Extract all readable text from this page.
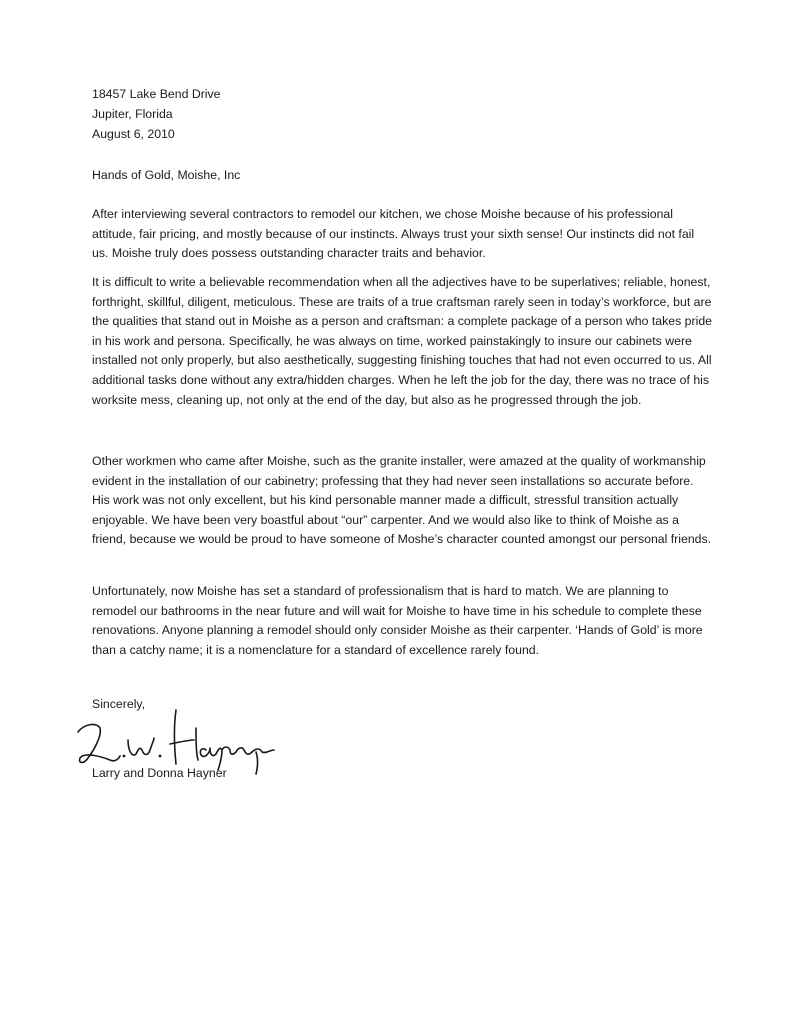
18457 Lake Bend Drive
Jupiter, Florida
August 6, 2010
Hands of Gold, Moishe, Inc

After interviewing several contractors to remodel our kitchen, we chose Moishe because of his professional attitude, fair pricing, and mostly because of our instincts. Always trust your sixth sense! Our instincts did not fail us. Moishe truly does possess outstanding character traits and behavior.

It is difficult to write a believable recommendation when all the adjectives have to be superlatives; reliable, honest, forthright, skillful, diligent, meticulous. These are traits of a true craftsman rarely seen in today’s workforce, but are the qualities that stand out in Moishe as a person and craftsman: a complete package of a person who takes pride in his work and persona. Specifically, he was always on time, worked painstakingly to insure our cabinets were installed not only properly, but also aesthetically, suggesting finishing touches that had not even occurred to us. All additional tasks done without any extra/hidden charges. When he left the job for the day, there was no trace of his worksite mess, cleaning up, not only at the end of the day, but also as he progressed through the job.

Other workmen who came after Moishe, such as the granite installer, were amazed at the quality of workmanship evident in the installation of our cabinetry; professing that they had never seen installations so accurate before. His work was not only excellent, but his kind personable manner made a difficult, stressful transition actually enjoyable. We have been very boastful about “our” carpenter. And we would also like to think of Moishe as a friend, because we would be proud to have someone of Moshe’s character counted amongst our personal friends.

Unfortunately, now Moishe has set a standard of professionalism that is hard to match. We are planning to remodel our bathrooms in the near future and will wait for Moishe to have time in his schedule to complete these renovations. Anyone planning a remodel should only consider Moishe as their carpenter. ‘Hands of Gold’ is more than a catchy name; it is a nomenclature for a standard of excellence rarely found.

Sincerely,
Larry and Donna Hayner
